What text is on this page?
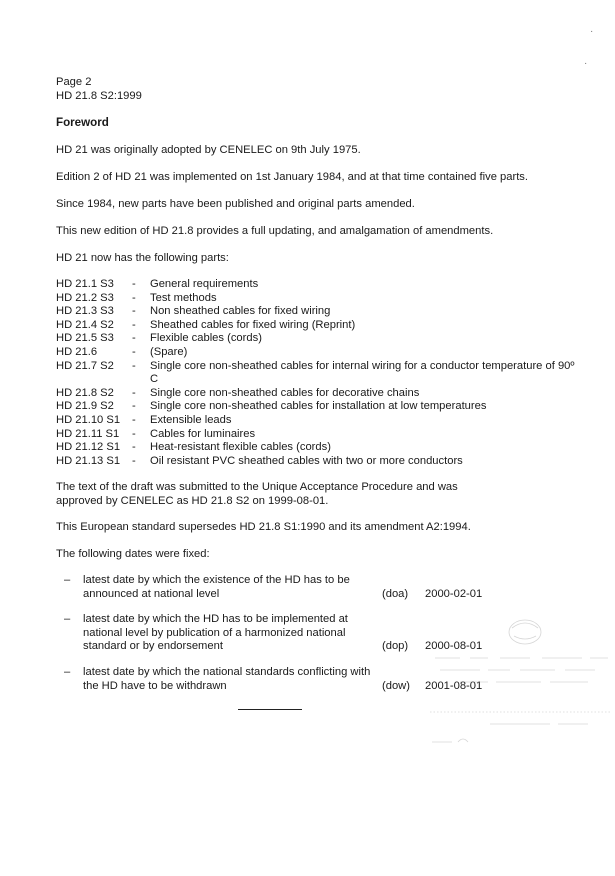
Page 2
HD 21.8 S2:1999
Foreword
HD 21 was originally adopted by CENELEC on 9th July 1975.
Edition 2 of HD 21 was implemented on 1st January 1984, and at that time contained five parts.
Since 1984, new parts have been published and original parts amended.
This new edition of HD 21.8 provides a full updating, and amalgamation of amendments.
HD 21 now has the following parts:
HD 21.1 S3	- General requirements
HD 21.2 S3	- Test methods
HD 21.3 S3	- Non sheathed cables for fixed wiring
HD 21.4 S2	- Sheathed cables for fixed wiring (Reprint)
HD 21.5 S3	- Flexible cables (cords)
HD 21.6	- (Spare)
HD 21.7 S2	- Single core non-sheathed cables for internal wiring for a conductor temperature of 90º C
HD 21.8 S2	- Single core non-sheathed cables for decorative chains
HD 21.9 S2	- Single core non-sheathed cables for installation at low temperatures
HD 21.10 S1	- Extensible leads
HD 21.11 S1	- Cables for luminaires
HD 21.12 S1	- Heat-resistant flexible cables (cords)
HD 21.13 S1	- Oil resistant PVC sheathed cables with two or more conductors
The text of the draft was submitted to the Unique Acceptance Procedure and was approved by CENELEC as HD 21.8 S2 on 1999-08-01.
This European standard supersedes HD 21.8 S1:1990 and its amendment A2:1994.
The following dates were fixed:
– latest date by which the existence of the HD has to be announced at national level	(doa) 2000-02-01
– latest date by which the HD has to be implemented at national level by publication of a harmonized national standard or by endorsement	(dop) 2000-08-01
– latest date by which the national standards conflicting with the HD have to be withdrawn	(dow) 2001-08-01
·
·
